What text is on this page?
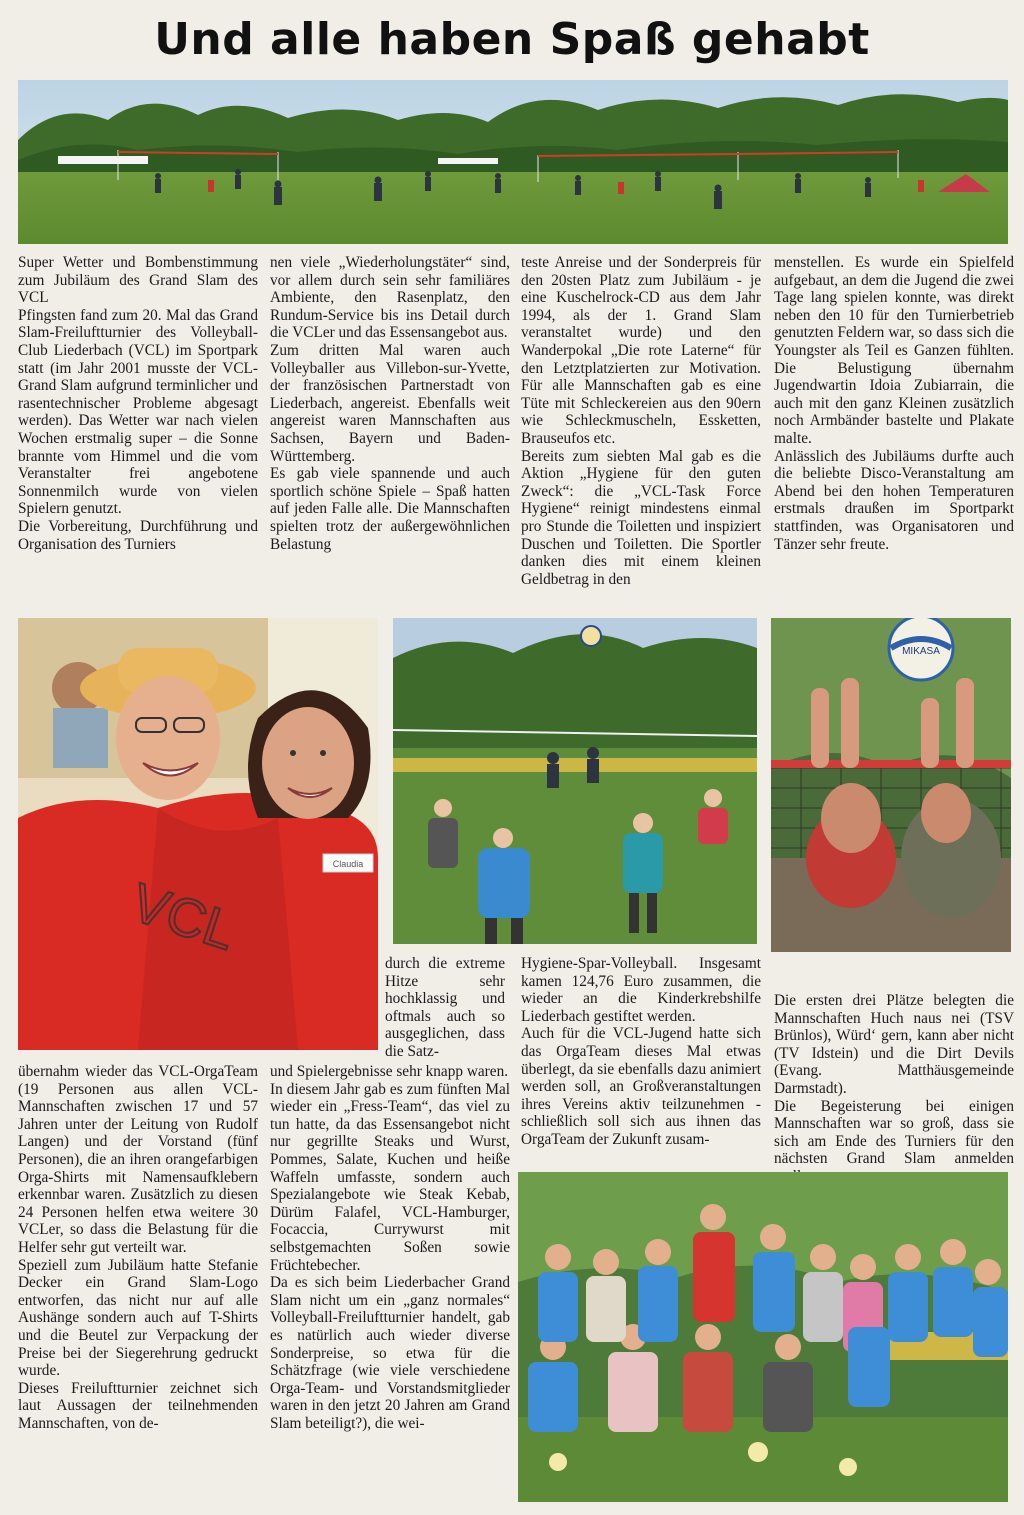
Und alle haben Spaß gehabt
Super Wetter und Bombenstimmung zum Jubiläum des Grand Slam des VCL
Pfingsten fand zum 20. Mal das Grand Slam-Freiluftturnier des Volleyball-Club Liederbach (VCL) im Sportpark statt (im Jahr 2001 musste der VCL-Grand Slam aufgrund terminlicher und rasentechnischer Probleme abgesagt werden). Das Wetter war nach vielen Wochen erstmalig super – die Sonne brannte vom Himmel und die vom Veranstalter frei angebotene Sonnenmilch wurde von vielen Spielern genutzt.
Die Vorbereitung, Durchführung und Organisation des Turniers
nen viele „Wiederholungstäter“ sind, vor allem durch sein sehr familiäres Ambiente, den Rasenplatz, den Rundum-Service bis ins Detail durch die VCLer und das Essensangebot aus.
Zum dritten Mal waren auch Volleyballer aus Villebon-sur-Yvette, der französischen Partnerstadt von Liederbach, angereist. Ebenfalls weit angereist waren Mannschaften aus Sachsen, Bayern und Baden-Württemberg.
Es gab viele spannende und auch sportlich schöne Spiele – Spaß hatten auf jeden Falle alle. Die Mannschaften spielten trotz der außergewöhnlichen Belastung
teste Anreise und der Sonderpreis für den 20sten Platz zum Jubiläum - je eine Kuschelrock-CD aus dem Jahr 1994, als der 1. Grand Slam veranstaltet wurde) und den Wanderpokal „Die rote Laterne“ für den Letztplatzierten zur Motivation. Für alle Mannschaften gab es eine Tüte mit Schleckereien aus den 90ern wie Schleckmuscheln, Essketten, Brauseufos etc.
Bereits zum siebten Mal gab es die Aktion „Hygiene für den guten Zweck“: die „VCL-Task Force Hygiene“ reinigt mindestens einmal pro Stunde die Toiletten und inspiziert Duschen und Toiletten. Die Sportler danken dies mit einem kleinen Geldbetrag in den
menstellen. Es wurde ein Spielfeld aufgebaut, an dem die Jugend die zwei Tage lang spielen konnte, was direkt neben den 10 für den Turnierbetrieb genutzten Feldern war, so dass sich die Youngster als Teil es Ganzen fühlten. Die Belustigung übernahm Jugendwartin Idoia Zubiarrain, die auch mit den ganz Kleinen zusätzlich noch Armbänder bastelte und Plakate malte.
Anlässlich des Jubiläums durfte auch die beliebte Disco-Veranstaltung am Abend bei den hohen Temperaturen erstmals draußen im Sportparkt stattfinden, was Organisatoren und Tänzer sehr freute.
Claudia
VCL
MIKASA
übernahm wieder das VCL-OrgaTeam (19 Personen aus allen VCL-Mannschaften zwischen 17 und 57 Jahren unter der Leitung von Rudolf Langen) und der Vorstand (fünf Personen), die an ihren orangefarbigen Orga-Shirts mit Namensaufklebern erkennbar waren. Zusätzlich zu diesen 24 Personen helfen etwa weitere 30 VCLer, so dass die Belastung für die Helfer sehr gut verteilt war.
Speziell zum Jubiläum hatte Stefanie Decker ein Grand Slam-Logo entworfen, das nicht nur auf alle Aushänge sondern auch auf T-Shirts und die Beutel zur Verpackung der Preise bei der Siegerehrung gedruckt wurde.
Dieses Freiluftturnier zeichnet sich laut Aussagen der teilnehmenden Mannschaften, von de-
durch die extreme Hitze sehr hochklassig und oftmals auch so ausgeglichen, dass die Satz-
und Spielergebnisse sehr knapp waren.
In diesem Jahr gab es zum fünften Mal wieder ein „Fress-Team“, das viel zu tun hatte, da das Essensangebot nicht nur gegrillte Steaks und Wurst, Pommes, Salate, Kuchen und heiße Waffeln umfasste, sondern auch Spezialangebote wie Steak Kebab, Dürüm Falafel, VCL-Hamburger, Focaccia, Currywurst mit selbstgemachten Soßen sowie Früchtebecher.
Da es sich beim Liederbacher Grand Slam nicht um ein „ganz normales“ Volleyball-Freiluftturnier handelt, gab es natürlich auch wieder diverse Sonderpreise, so etwa für die Schätzfrage (wie viele verschiedene Orga-Team- und Vorstandsmitglieder waren in den jetzt 20 Jahren am Grand Slam beteiligt?), die wei-
Hygiene-Spar-Volleyball. Insgesamt kamen 124,76 Euro zusammen, die wieder an die Kinderkrebshilfe Liederbach gestiftet werden.
Auch für die VCL-Jugend hatte sich das OrgaTeam dieses Mal etwas überlegt, da sie ebenfalls dazu animiert werden soll, an Großveranstaltungen ihres Vereins aktiv teilzunehmen - schließlich soll sich aus ihnen das OrgaTeam der Zukunft zusam-
Die ersten drei Plätze belegten die Mannschaften Huch naus nei (TSV Brünlos), Würd‘ gern, kann aber nicht (TV Idstein) und die Dirt Devils (Evang. Matthäusgemeinde Darmstadt).
Die Begeisterung bei einigen Mannschaften war so groß, dass sie sich am Ende des Turniers für den nächsten Grand Slam anmelden
